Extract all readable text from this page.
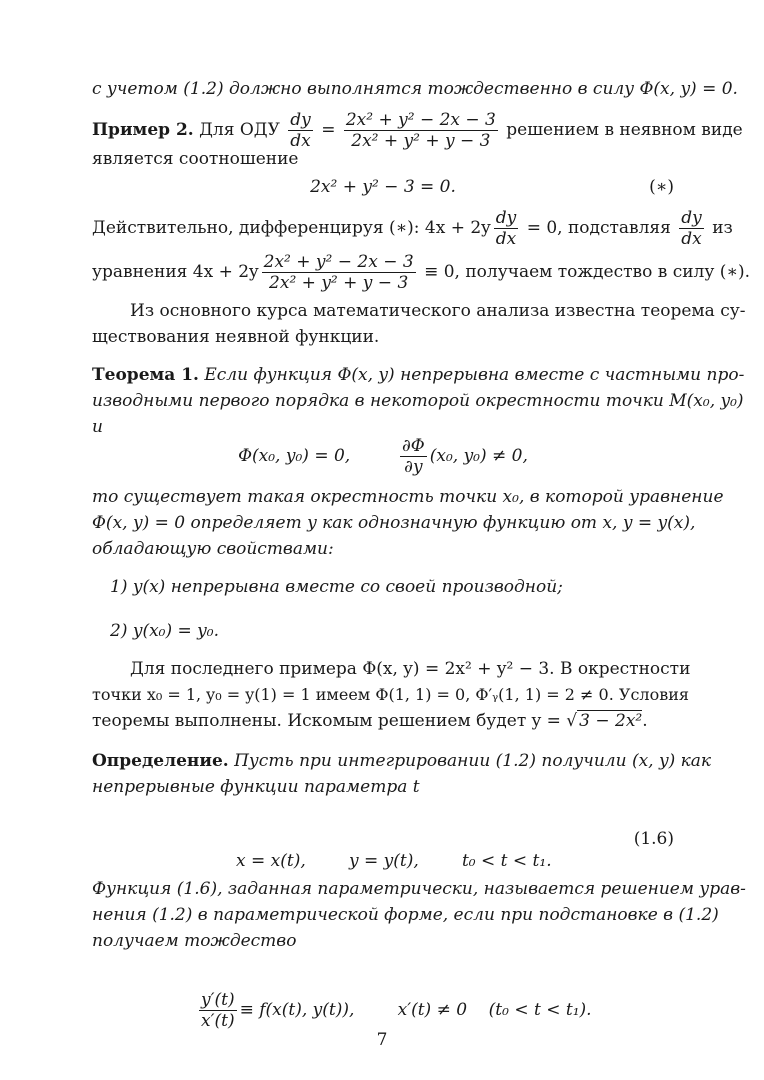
с учетом (1.2) должно выполнятся тождественно в силу Φ(x, y) = 0.
Пример 2. Для ОДУ $\frac{dy}{dx} = \frac{\text{2x² + y² − 2x − 3}}{\text{2x² + y² + y − 3}}$ решением в неявном виде
является соотношение
2x² + y² − 3 = 0.	(∗)
Действительно, дифференцируя (∗): $4x + 2y \frac{dy}{dx} = 0$, подставляя $\frac{dy}{dx}$ из
уравнения $4x + 2y \frac{\text{2x² + y² − 2x − 3}}{\text{2x² + y² + y − 3}} \equiv 0$, получаем тождество в силу (∗).
Из основного курса математического анализа известна теорема су-
ществования неявной функции.
Теорема 1. Если функция Φ(x, y) непрерывна вместе с частными про-
изводными первого порядка в некоторой окрестности точки M(x₀, y₀)
и
Φ(x₀, y₀) = 0,	$\frac{\partial\Phi}{\partial y} (x_0$, y₀) ≠ 0,
то существует такая окрестность точки x₀, в которой уравнение
Φ(x, y) = 0 определяет y как однозначную функцию от x, y = y(x),
обладающую свойствами:
1) y(x) непрерывна вместе со своей производной;
2) y(x₀) = y₀.
Для последнего примера Φ(x, y) = 2x² + y² − 3. В окрестности
точки x₀ = 1, y₀ = y(1) = 1 имеем Φ(1, 1) = 0, Φ′ᵧ(1, 1) = 2 ≠ 0. Условия
теоремы выполнены. Искомым решением будет y = √ 3 − 2x².
Определение. Пусть при интегрировании (1.2) получили (x, y) как
непрерывные функции параметра t

x = x(t),        y = y(t),        t₀ < t < t₁.

(1.6)

Функция (1.6), заданная параметрически, называется решением урав-
нения (1.2) в параметрической форме, если при подстановке в (1.2)
получаем тождество

$\frac{y'(t)}{x'(t)} \equiv f(x(t)$, y(t)),        x′(t) ≠ 0    (t₀ < t < t₁).

7
